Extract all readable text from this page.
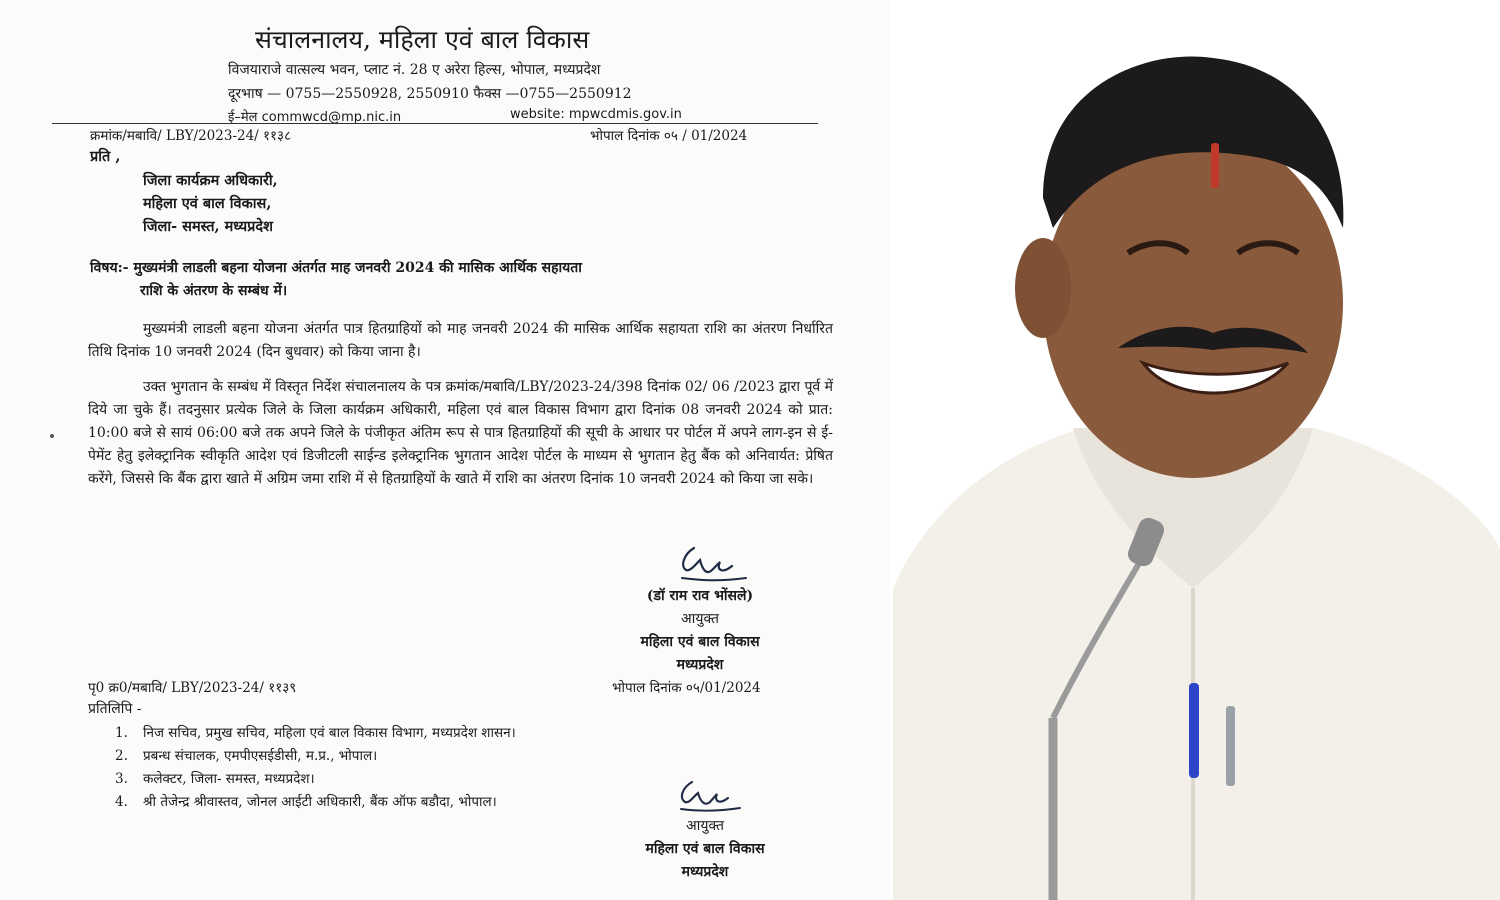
संचालनालय, महिला एवं बाल विकास
विजयाराजे वात्सल्य भवन, प्लाट नं. 28 ए अरेरा हिल्स, भोपाल, मध्यप्रदेश
दूरभाष — 0755—2550928, 2550910 फैक्स —0755—2550912
ई–मेल commwcd@mp.nic.in	website: mpwcdmis.gov.in
क्रमांक/मबावि/ LBY/2023-24/ ११३८	भोपाल दिनांक ०५ / 01/2024
प्रति ,
जिला कार्यक्रम अधिकारी,
महिला एवं बाल विकास,
जिला- समस्त, मध्यप्रदेश
विषय:- मुख्यमंत्री लाडली बहना योजना अंतर्गत माह जनवरी 2024 की मासिक आर्थिक सहायता
राशि के अंतरण के सम्बंध में।
मुख्यमंत्री लाडली बहना योजना अंतर्गत पात्र हितग्राहियों को माह जनवरी 2024 की मासिक आर्थिक सहायता राशि का अंतरण निर्धारित तिथि दिनांक 10 जनवरी 2024 (दिन बुधवार) को किया जाना है।
उक्त भुगतान के सम्बंध में विस्तृत निर्देश संचालनालय के पत्र क्रमांक/मबावि/LBY/2023-24/398 दिनांक 02/ 06 /2023 द्वारा पूर्व में दिये जा चुके हैं। तदनुसार प्रत्येक जिले के जिला कार्यक्रम अधिकारी, महिला एवं बाल विकास विभाग द्वारा दिनांक 08 जनवरी 2024 को प्रात: 10:00 बजे से सायं 06:00 बजे तक अपने जिले के पंजीकृत अंतिम रूप से पात्र हितग्राहियों की सूची के आधार पर पोर्टल में अपने लाग-इन से ई-पेमेंट हेतु इलेक्ट्रानिक स्वीकृति आदेश एवं डिजीटली साईन्ड इलेक्ट्रानिक भुगतान आदेश पोर्टल के माध्यम से भुगतान हेतु बैंक को अनिवार्यत: प्रेषित करेंगे, जिससे कि बैंक द्वारा खाते में अग्रिम जमा राशि में से हितग्राहियों के खाते में राशि का अंतरण दिनांक 10 जनवरी 2024 को किया जा सके।
(डॉ राम राव भोंसले)
आयुक्त
महिला एवं बाल विकास
मध्यप्रदेश
पृ0 क्र0/मबावि/ LBY/2023-24/ ११३९	भोपाल दिनांक ०५/01/2024
प्रतिलिपि -
1. निज सचिव, प्रमुख सचिव, महिला एवं बाल विकास विभाग, मध्यप्रदेश शासन।
2. प्रबन्ध संचालक, एमपीएसईडीसी, म.प्र., भोपाल।
3. कलेक्टर, जिला- समस्त, मध्यप्रदेश।
4. श्री तेजेन्द्र श्रीवास्तव, जोनल आईटी अधिकारी, बैंक ऑफ बडौदा, भोपाल।
आयुक्त
महिला एवं बाल विकास
मध्यप्रदेश
